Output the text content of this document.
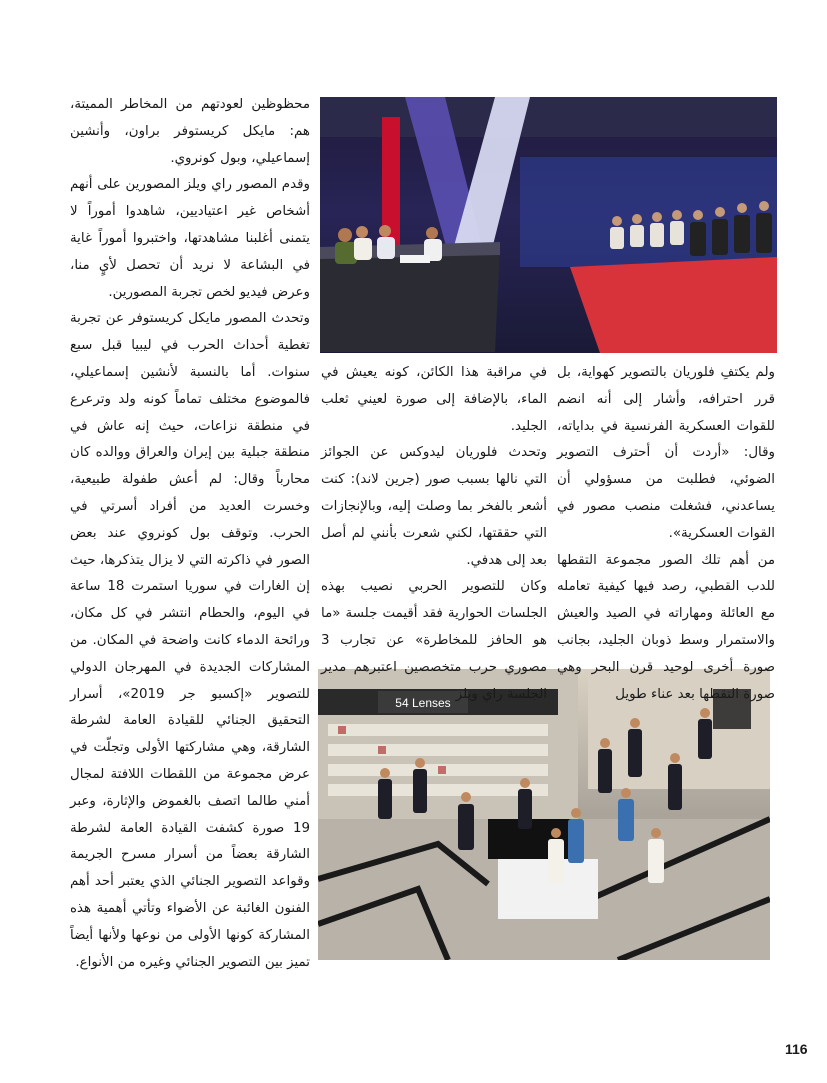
54 Lenses

محظوظين لعودتهم من المخاطر المميتة، هم: مايكل كريستوفر براون، وأنشين إسماعيلي، وبول كونروي.

وقدم المصور راي ويلز المصورين على أنهم أشخاص غير اعتياديين، شاهدوا أموراً لا يتمنى أغلبنا مشاهدتها، واختبروا أموراً غاية في البشاعة لا نريد أن تحصل لأيٍ منا، وعرض فيديو لخص تجربة المصورين.

وتحدث المصور مايكل كريستوفر عن تجربة تغطية أحداث الحرب في ليبيا قبل سبع سنوات. أما بالنسبة لأنشين إسماعيلي، فالموضوع مختلف تماماً كونه ولد وترعرع في منطقة نزاعات، حيث إنه عاش في منطقة جبلية بين إيران والعراق ووالده كان محارباً وقال: لم أعش طفولة طبيعية، وخسرت العديد من أفراد أسرتي في الحرب. وتوقف بول كونروي عند بعض الصور في ذاكرته التي لا يزال يتذكرها، حيث إن الغارات في سوريا استمرت 18 ساعة في اليوم، والحطام انتشر في كل مكان، ورائحة الدماء كانت واضحة في المكان. من المشاركات الجديدة في المهرجان الدولي للتصوير «إكسبو جر 2019»، أسرار التحقيق الجنائي للقيادة العامة لشرطة الشارقة، وهي مشاركتها الأولى وتجلّت في عرض مجموعة من اللقطات اللافتة لمجال أمني طالما اتصف بالغموض والإثارة، وعبر 19 صورة كشفت القيادة العامة لشرطة الشارقة بعضاً من أسرار مسرح الجريمة وقواعد التصوير الجنائي الذي يعتبر أحد أهم الفنون الغائبة عن الأضواء وتأتي أهمية هذه المشاركة كونها الأولى من نوعها ولأنها أيضاً تميز بين التصوير الجنائي وغيره من الأنواع.

في مراقبة هذا الكائن، كونه يعيش في الماء، بالإضافة إلى صورة لعيني ثعلب الجليد.

وتحدث فلوريان ليدوكس عن الجوائز التي نالها بسبب صور (جرين لاند): كنت أشعر بالفخر بما وصلت إليه، وبالإنجازات التي حققتها، لكني شعرت بأنني لم أصل بعد إلى هدفي.

وكان للتصوير الحربي نصيب بهذه الجلسات الحوارية فقد أقيمت جلسة «ما هو الحافز للمخاطرة» عن تجارب 3 مصوري حرب متخصصين اعتبرهم مدير الجلسة راي ويلز

ولم يكتفِ فلوريان بالتصوير كهواية، بل قرر احترافه، وأشار إلى أنه انضم للقوات العسكرية الفرنسية في بداياته، وقال: «أردت أن أحترف التصوير الضوئي، فطلبت من مسؤولي أن يساعدني، فشغلت منصب مصور في القوات العسكرية».

من أهم تلك الصور مجموعة التقطها للدب القطبي، رصد فيها كيفية تعامله مع العائلة ومهاراته في الصيد والعيش والاستمرار وسط ذوبان الجليد، بجانب صورة أخرى لوحيد قرن البحر وهي صورة التقطها بعد عناء طويل

116
